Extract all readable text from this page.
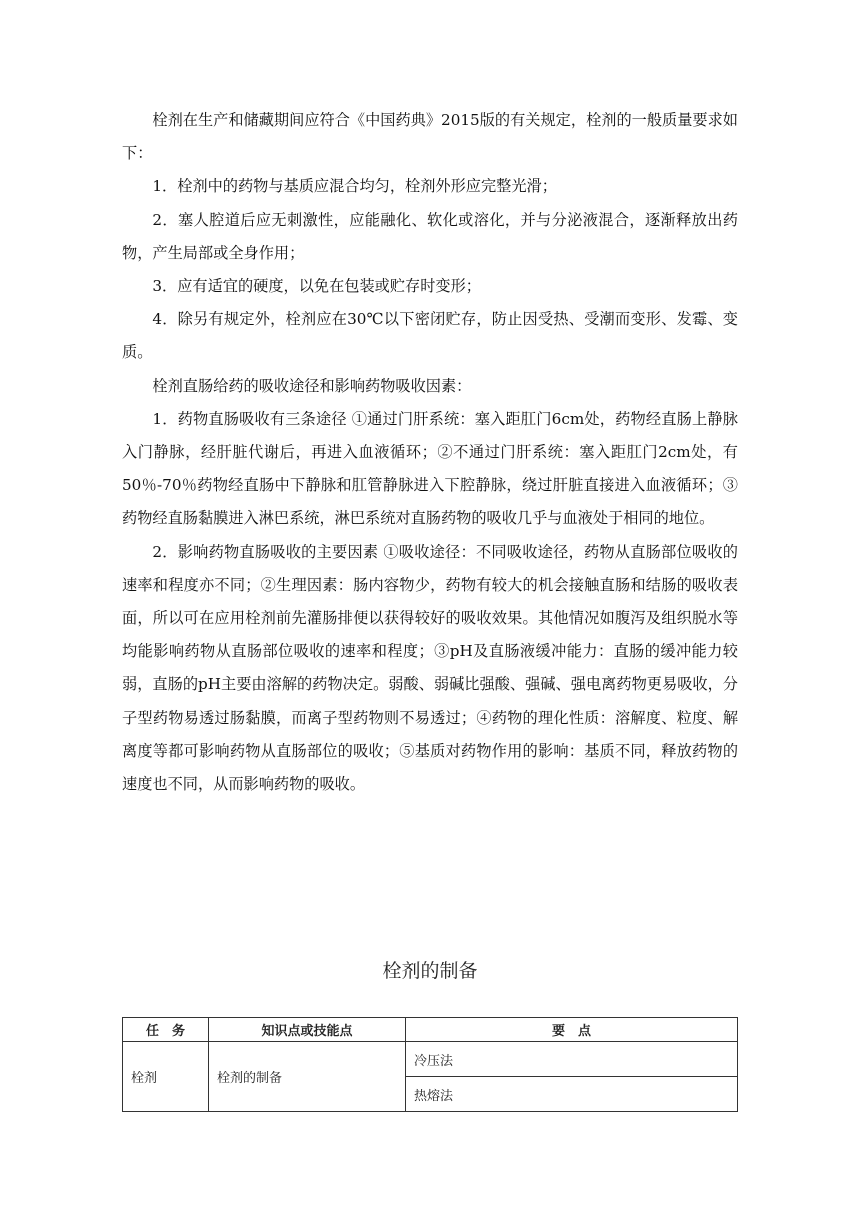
栓剂在生产和储藏期间应符合《中国药典》2015版的有关规定，栓剂的一般质量要求如下：

1．栓剂中的药物与基质应混合均匀，栓剂外形应完整光滑；

2．塞人腔道后应无刺激性，应能融化、软化或溶化，并与分泌液混合，逐渐释放出药物，产生局部或全身作用；

3．应有适宜的硬度，以免在包装或贮存时变形；

4．除另有规定外，栓剂应在30℃以下密闭贮存，防止因受热、受潮而变形、发霉、变质。

栓剂直肠给药的吸收途径和影响药物吸收因素：

1．药物直肠吸收有三条途径 ①通过门肝系统：塞入距肛门6cm处，药物经直肠上静脉入门静脉，经肝脏代谢后，再进入血液循环；②不通过门肝系统：塞入距肛门2cm处，有50％-70％药物经直肠中下静脉和肛管静脉进入下腔静脉，绕过肝脏直接进入血液循环；③药物经直肠黏膜进入淋巴系统，淋巴系统对直肠药物的吸收几乎与血液处于相同的地位。

2．影响药物直肠吸收的主要因素 ①吸收途径：不同吸收途径，药物从直肠部位吸收的速率和程度亦不同；②生理因素：肠内容物少，药物有较大的机会接触直肠和结肠的吸收表面，所以可在应用栓剂前先灌肠排便以获得较好的吸收效果。其他情况如腹泻及组织脱水等均能影响药物从直肠部位吸收的速率和程度；③pH及直肠液缓冲能力：直肠的缓冲能力较弱，直肠的pH主要由溶解的药物决定。弱酸、弱碱比强酸、强碱、强电离药物更易吸收，分子型药物易透过肠黏膜，而离子型药物则不易透过；④药物的理化性质：溶解度、粒度、解离度等都可影响药物从直肠部位的吸收；⑤基质对药物作用的影响：基质不同，释放药物的速度也不同，从而影响药物的吸收。

栓剂的制备
任　务	知识点或技能点	要　点
栓剂	栓剂的制备	冷压法
		热熔法
